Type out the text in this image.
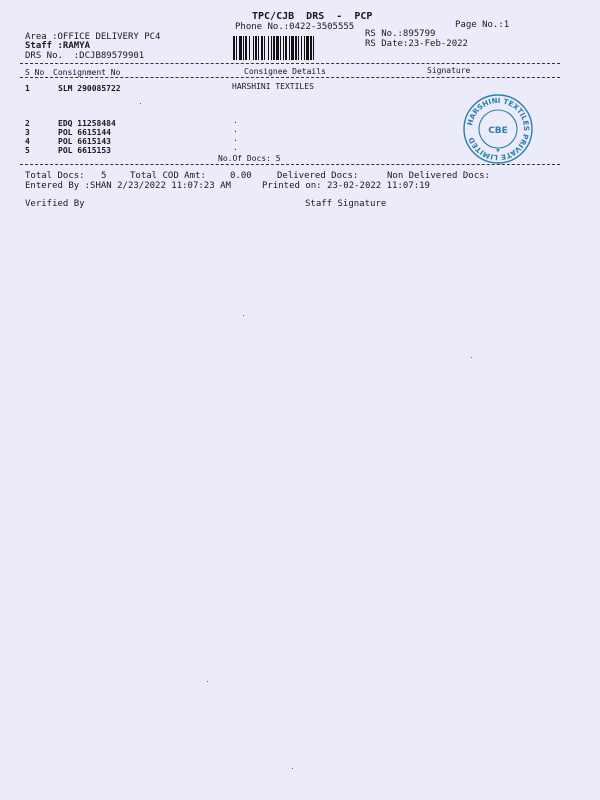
TPC/CJB  DRS  -  PCP
Phone No.:0422-3505555	Page No.:1
Area :OFFICE DELIVERY PC4
Staff :RAMYA
DRS No.  :DCJB89579901
RS No.:895799
RS Date:23-Feb-2022
S No Consignment No	Consignee Details	Signature
1	SLM 290085722	HARSHINI TEXTILES
2	EDQ 11258484	.
3	POL 6615144	.
4	POL 6615143	.
5	POL 6615153	.
No.Of Docs: 5
HARSHINI TEXTILES PRIVATE LIMITED
CBE
★
Total Docs: 5	Total COD Amt:	0.00	Delivered Docs:	Non Delivered Docs:
Entered By :SHAN 2/23/2022 11:07:23 AM	Printed on: 23-02-2022 11:07:19
Verified By	Staff Signature
